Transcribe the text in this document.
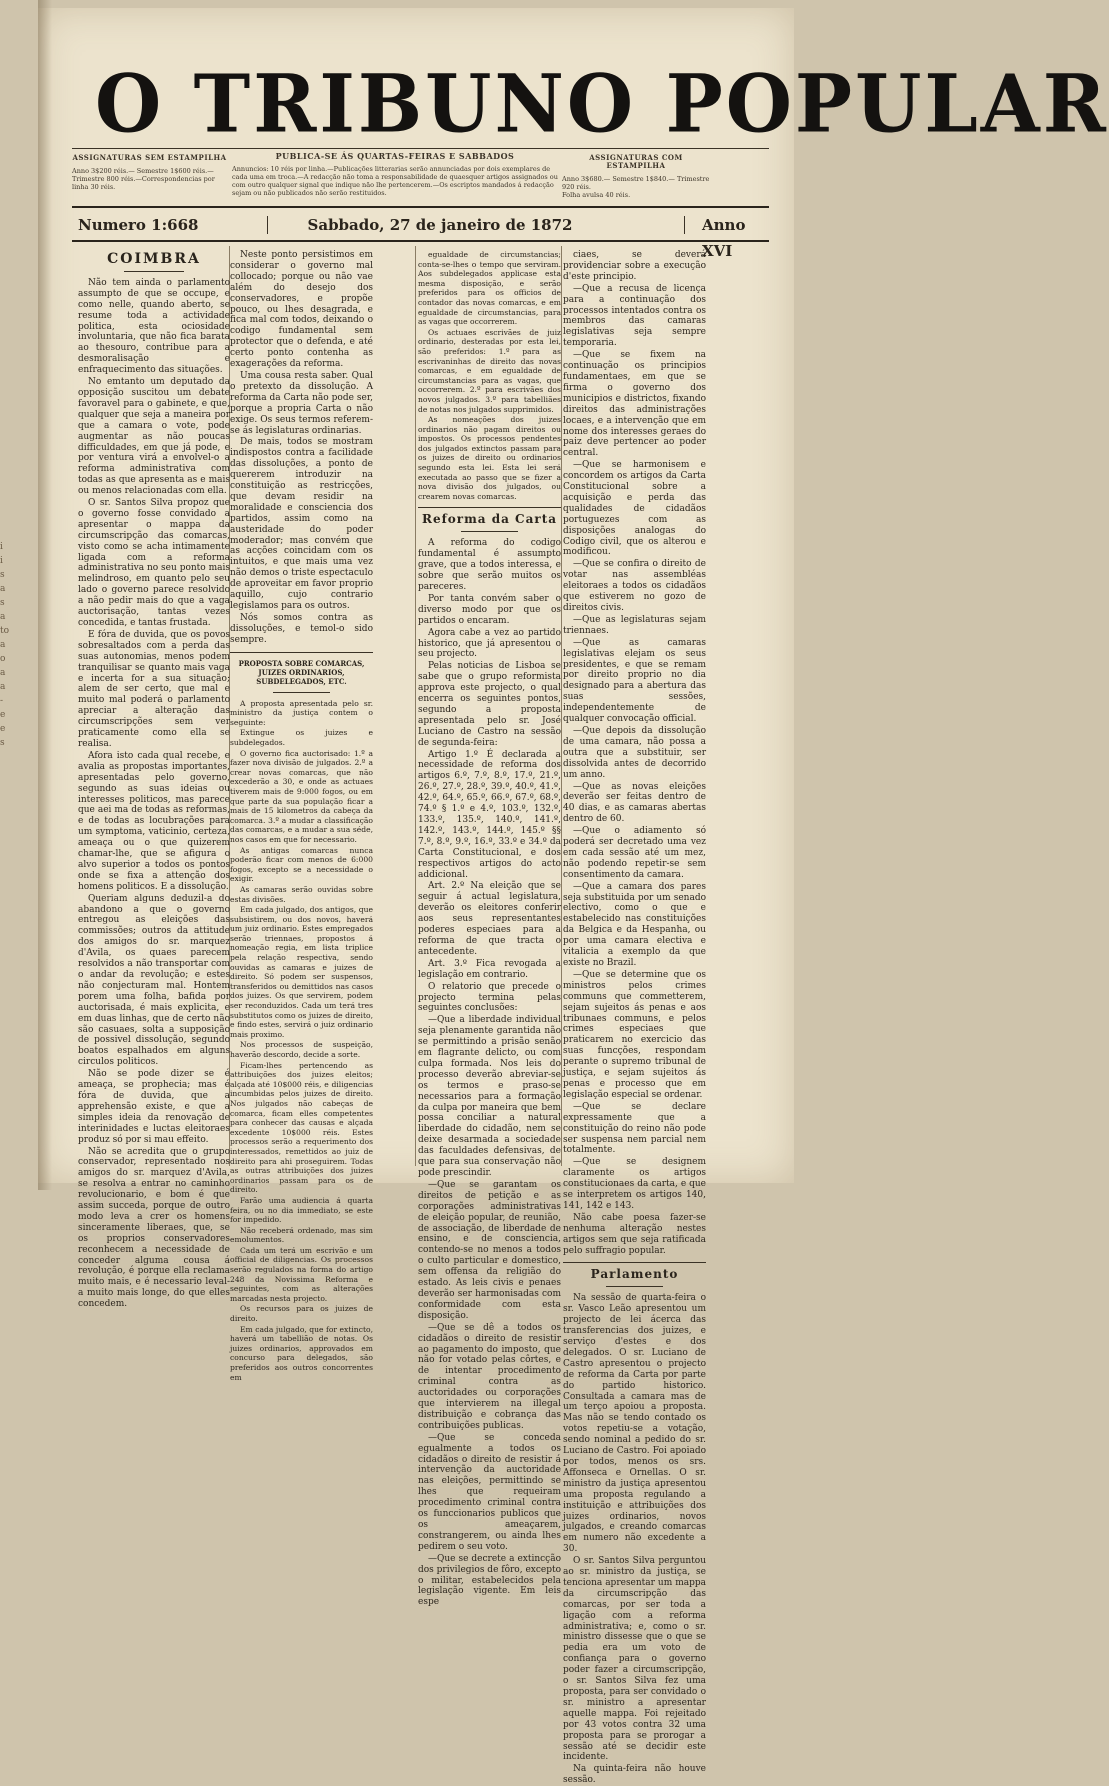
i
i
s
a
s
a
to
a
o
a
a
-
e
e
s
O TRIBUNO POPULAR
ASSIGNATURAS SEM ESTAMPILHA
Anno 3$200 réis.— Semestre 1$600 réis.— Trimestre 800 réis.—Correspondencias por linha 30 réis.
PUBLICA-SE ÁS QUARTAS-FEIRAS E SABBADOS
Annuncios: 10 réis por linha.—Publicações litterarias serão annunciadas por dois exemplares de cada uma em troca.—A redacção não toma a responsabilidade de quaesquer artigos assignados ou com outro qualquer signal que indique não lhe pertencerem.—Os escriptos mandados á redacção sejam ou não publicados não serão restituidos.
ASSIGNATURAS COM ESTAMPILHA
Anno 3$680.— Semestre 1$840.— Trimestre 920 réis.
Folha avulsa 40 réis.
Numero 1:668	Sabbado, 27 de janeiro de 1872	Anno XVI
COIMBRA

Não tem ainda o parlamento assumpto de que se occupe, e como nelle, quando aberto, se resume toda a actividade politica, esta ociosidade involuntaria, que não fica barata ao thesouro, contribue para a desmoralisação e enfraquecimento das situações.

No emtanto um deputado da opposição suscitou um debate favoravel para o gabinete, e que, qualquer que seja a maneira por que a camara o vote, pode augmentar as não poucas difficuldades, em que já pode, e por ventura virá a envolvel-o a reforma administrativa com todas as que apresenta as e mais ou menos relacionadas com ella.

O sr. Santos Silva propoz que o governo fosse convidado a apresentar o mappa da circumscripção das comarcas, visto como se acha intimamente ligada com a reforma administrativa no seu ponto mais melindroso, em quanto pelo seu lado o governo parece resolvido a não pedir mais do que a vaga auctorisação, tantas vezes concedida, e tantas frustada.

E fóra de duvida, que os povos sobresaltados com a perda das suas autonomias, menos podem tranquilisar se quanto mais vaga e incerta for a sua situação; alem de ser certo, que mal e muito mal poderá o parlamento apreciar a alteração das circumscripções sem ver praticamente como ella se realisa.

Afora isto cada qual recebe, e avalia as propostas importantes, apresentadas pelo governo, segundo as suas ideias ou interesses politicos, mas parece que aei ma de todas as reformas, e de todas as locubrações para um symptoma, vaticinio, certeza, ameaça ou o que quizerem chamar-lhe, que se afigura o alvo superior a todos os pontos onde se fixa a attenção dos homens politicos. E a dissolução.

Queriam alguns deduzil-a do abandono a que o governo entregou as eleições das commissões; outros da attitude dos amigos do sr. marquez d'Avila, os quaes parecem resolvidos a não transportar com o andar da revolução; e estes não conjecturam mal. Hontem porem uma folha, bafida por auctorisada, é mais explicita, e em duas linhas, que de certo não são casuaes, solta a supposição de possivel dissolução, segundo boatos espalhados em alguns circulos politicos.

Não se pode dizer se é ameaça, se prophecia; mas é fóra de duvida, que a apprehensão existe, e que a simples ideia da renovação de interinidades e luctas eleitoraes produz só por si mau effeito.

Não se acredita que o grupo conservador, representado nos amigos do sr. marquez d'Avila, se resolva a entrar no caminho revolucionario, e bom é que assim succeda, porque de outro modo leva a crer os homens sinceramente liberaes, que, se os proprios conservadores reconhecem a necessidade de conceder alguma cousa á revolução, é porque ella reclama muito mais, e é necessario leval-a muito mais longe, do que elles concedem.

Neste ponto persistimos em considerar o governo mal collocado; porque ou não vae além do desejo dos conservadores, e propõe pouco, ou lhes desagrada, e fica mal com todos, deixando o codigo fundamental sem protector que o defenda, e até certo ponto contenha as exagerações da reforma.

Uma cousa resta saber. Qual o pretexto da dissolução. A reforma da Carta não pode ser, porque a propria Carta o não exige. Os seus termos referem-se ás legislaturas ordinarias.

De mais, todos se mostram indispostos contra a facilidade das dissoluções, a ponto de quererem introduzir na constituição as restricções, que devam residir na moralidade e consciencia dos partidos, assim como na austeridade do poder moderador; mas convém que as acções coincidam com os intuitos, e que mais uma vez não demos o triste espectaculo de aproveitar em favor proprio aquillo, cujo contrario legislamos para os outros.

Nós somos contra as dissoluções, e temol-o sido sempre.

PROPOSTA SOBRE COMARCAS, JUIZES ORDINARIOS, SUBDELEGADOS, ETC.

A proposta apresentada pelo sr. ministro da justiça contem o seguinte:

Extingue os juizes e subdelegados.

O governo fica auctorisado: 1.º a fazer nova divisão de julgados. 2.º a crear novas comarcas, que não excederão a 30, e onde as actuaes tiverem mais de 9:000 fogos, ou em que parte da sua população ficar a mais de 15 kilometros da cabeça da comarca. 3.º a mudar a classificação das comarcas, e a mudar a sua séde, nos casos em que for necessario.

As antigas comarcas nunca poderão ficar com menos de 6:000 fogos, excepto se a necessidade o exigir.

As camaras serão ouvidas sobre estas divisões.

Em cada julgado, dos antigos, que subsistirem, ou dos novos, haverá um juiz ordinario. Estes empregados serão triennaes, propostos á nomeação regia, em lista triplice pela relação respectiva, sendo ouvidas as camaras e juizes de direito. Só podem ser suspensos, transferidos ou demittidos nas casos dos juizes. Os que servirem, podem ser reconduzidos. Cada um terá tres substitutos como os juizes de direito, e findo estes, servirá o juiz ordinario mais proximo.

Nos processos de suspeição, haverão descordo, decide a sorte.

Ficam-lhes pertencendo as attribuições dos juizes eleitos; alçada até 10$000 réis, e diligencias incumbidas pelos juizes de direito. Nos julgados não cabeças de comarca, ficam elles competentes para conhecer das causas e alçada excedente 10$000 réis. Estes processos serão a requerimento dos interessados, remettidos ao juiz de direito para ahi proseguirem. Todas as outras attribuições dos juizes ordinarios passam para os de direito.

Farão uma audiencia á quarta feira, ou no dia immediato, se este for impedido.

Não receberá ordenado, mas sim emolumentos.

Cada um terá um escrivão e um official de diligencias. Os processos serão regulados na forma do artigo 248 da Novissima Reforma e seguintes, com as alterações marcadas nesta projecto.

Os recursos para os juizes de direito.

Em cada julgado, que for extincto, haverá um tabellião de notas. Os juizes ordinarios, approvados em concurso para delegados, são preferidos aos outros concorrentes em

egualdade de circumstancias; conta-se-lhes o tempo que serviram. Aos subdelegados applicase esta mesma disposição, e serão preferidos para os officios de contador das novas comarcas, e em egualdade de circumstancias, para as vagas que occorrerem.

Os actuaes escrivães de juiz ordinario, desteradas por esta lei, são preferidos: 1.º para as escrivaninhas de direito das novas comarcas, e em egualdade de circumstancias para as vagas, que occorrerem. 2.º para escrivães dos novos julgados. 3.º para tabelliães de notas nos julgados supprimidos.

As nomeações dos juizes ordinarios não pagam direitos ou impostos. Os processos pendentes dos julgados extinctos passam para os juizes de direito ou ordinarios segundo esta lei. Esta lei será executada ao passo que se fizer a nova divisão dos julgados, ou crearem novas comarcas.

Reforma da Carta

A reforma do codigo fundamental é assumpto grave, que a todos interessa, e sobre que serão muitos os pareceres.

Por tanta convém saber o diverso modo por que os partidos o encaram.

Agora cabe a vez ao partido historico, que já apresentou o seu projecto.

Pelas noticias de Lisboa se sabe que o grupo reformista approva este projecto, o qual encerra os seguintes pontos, segundo a proposta apresentada pelo sr. José Luciano de Castro na sessão de segunda-feira:

Artigo 1.º É declarada a necessidade de reforma dos artigos 6.º, 7.º, 8.º, 17.º, 21.º, 26.º, 27.º, 28.º, 39.º, 40.º, 41.º, 42.º, 64.º, 65.º, 66.º, 67.º, 68.º, 74.º § 1.º e 4.º, 103.º, 132.º, 133.º, 135.º, 140.º, 141.º, 142.º, 143.º, 144.º, 145.º §§ 7.º, 8.º, 9.º, 16.º, 33.º e 34.º da Carta Constitucional, e dos respectivos artigos do acto addicional.

Art. 2.º Na eleição que se seguir á actual legislatura, deverão os eleitores conferir aos seus representantes poderes especiaes para a reforma de que tracta o antecedente.

Art. 3.º Fica revogada a legislação em contrario.

O relatorio que precede o projecto termina pelas seguintes conclusões:

—Que a liberdade individual seja plenamente garantida não se permittindo a prisão senão em flagrante delicto, ou com culpa formada. Nos leis do processo deverão abreviar-se os termos e praso-se necessarios para a formação da culpa por maneira que bem possa conciliar a natural liberdade do cidadão, nem se deixe desarmada a sociedade das faculdades defensivas, de que para sua conservação não pode prescindir.

—Que se garantam os direitos de petição e as corporações administrativas de eleição popular, de reunião, de associação, de liberdade de ensino, e de consciencia, contendo-se no menos a todos o culto particular e domestico, sem offensa da religião do estado. As leis civis e penaes deverão ser harmonisadas com conformidade com esta disposição.

—Que se dê a todos os cidadãos o direito de resistir ao pagamento do imposto, que não for votado pelas côrtes, e de intentar procedimento criminal contra as auctoridades ou corporações que intervierem na illegal distribuição e cobrança das contribuições publicas.

—Que se conceda egualmente a todos os cidadãos o direito de resistir á intervenção da auctoridade nas eleições, permittindo se lhes que requeiram procedimento criminal contra os funccionarios publicos que os ameaçarem, constrangerem, ou ainda lhes pedirem o seu voto.

—Que se decrete a extincção dos privilegios de fôro, excepto o militar, estabelecidos pela legislação vigente. Em leis espe

ciaes, se deverá providenciar sobre a execução d'este principio.

—Que a recusa de licença para a continuação dos processos intentados contra os membros das camaras legislativas seja sempre temporaria.

—Que se fixem na continuação os principios fundamentaes, em que se firma o governo dos municipios e districtos, fixando direitos das administrações locaes, e a intervenção que em nome dos interesses geraes do paiz deve pertencer ao poder central.

—Que se harmonisem e concordem os artigos da Carta Constitucional sobre a acquisição e perda das qualidades de cidadãos portuguezes com as disposições analogas do Codigo civil, que os alterou e modificou.

—Que se confira o direito de votar nas assembléas eleitoraes a todos os cidadãos que estiverem no gozo de direitos civis.

—Que as legislaturas sejam triennaes.

—Que as camaras legislativas elejam os seus presidentes, e que se remam por direito proprio no dia designado para a abertura das suas sessões, independentemente de qualquer convocação official.

—Que depois da dissolução de uma camara, não possa a outra que a substituir, ser dissolvida antes de decorrido um anno.

—Que as novas eleições deverão ser feitas dentro de 40 dias, e as camaras abertas dentro de 60.

—Que o adiamento só poderá ser decretado uma vez em cada sessão até um mez, não podendo repetir-se sem consentimento da camara.

—Que a camara dos pares seja substituida por um senado electivo, como o que e estabelecido nas constituições da Belgica e da Hespanha, ou por uma camara electiva e vitalicia a exemplo da que existe no Brazil.

—Que se determine que os ministros pelos crimes communs que commetterem, sejam sujeitos ás penas e aos tribunaes communs, e pelos crimes especiaes que praticarem no exercicio das suas funcções, respondam perante o supremo tribunal de justiça, e sejam sujeitos ás penas e processo que em legislação especial se ordenar.

—Que se declare expressamente que a constituição do reino não pode ser suspensa nem parcial nem totalmente.

—Que se designem claramente os artigos constitucionaes da carta, e que se interpretem os artigos 140, 141, 142 e 143.

Não cabe poesa fazer-se nenhuma alteração nestes artigos sem que seja ratificada pelo suffragio popular.

Parlamento

Na sessão de quarta-feira o sr. Vasco Leão apresentou um projecto de lei ácerca das transferencias dos juizes, e serviço d'estes e dos delegados. O sr. Luciano de Castro apresentou o projecto de reforma da Carta por parte do partido historico. Consultada a camara mas de um terço apoiou a proposta. Mas não se tendo contado os votos repetiu-se a votação, sendo nominal a pedido do sr. Luciano de Castro. Foi apoiado por todos, menos os srs. Affonseca e Ornellas. O sr. ministro da justiça apresentou uma proposta regulando a instituição e attribuições dos juizes ordinarios, novos julgados, e creando comarcas em numero não excedente a 30.

O sr. Santos Silva perguntou ao sr. ministro da justiça, se tenciona apresentar um mappa da circumscripção das comarcas, por ser toda a ligação com a reforma administrativa; e, como o sr. ministro dissesse que o que se pedia era um voto de confiança para o governo poder fazer a circumscripção, o sr. Santos Silva fez uma proposta, para ser convidado o sr. ministro a apresentar aquelle mappa. Foi rejeitado por 43 votos contra 32 uma proposta para se prorogar a sessão até se decidir este incidente.

Na quinta-feira não houve sessão.
